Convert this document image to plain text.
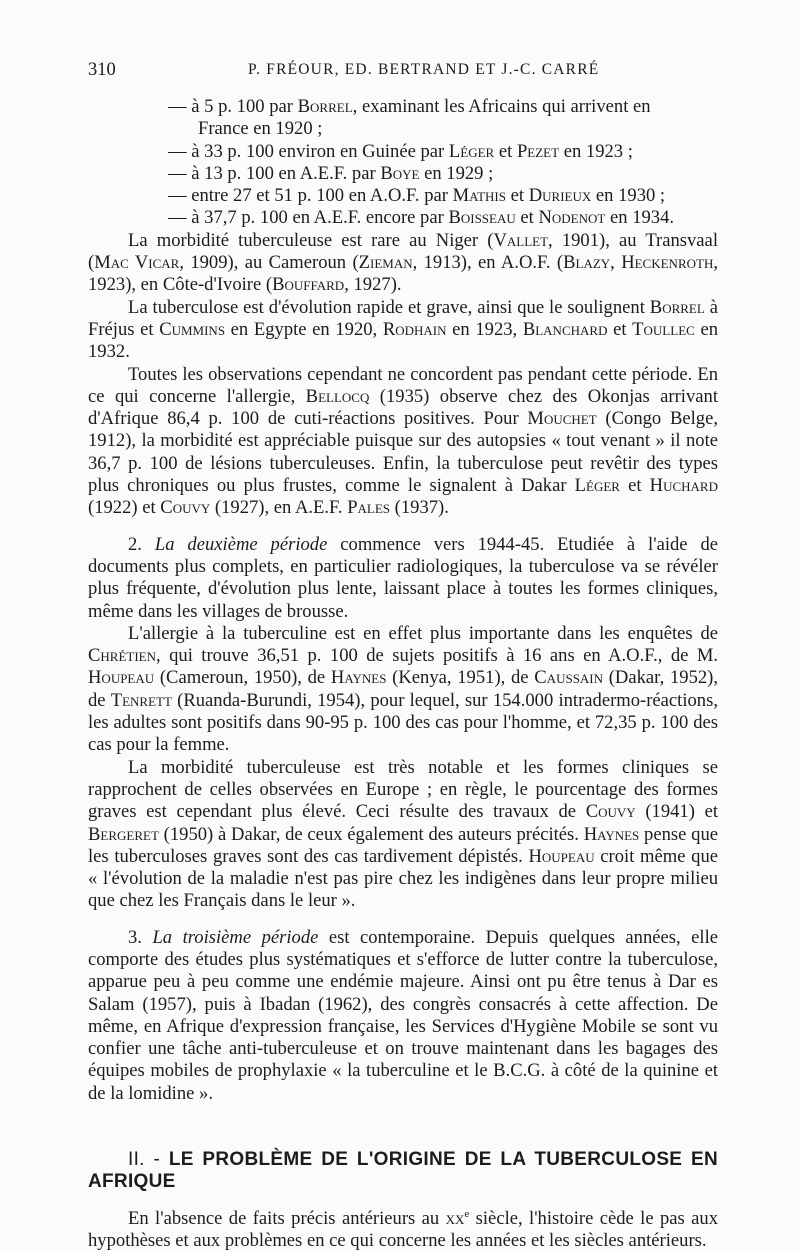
310	P. FRÉOUR, ED. BERTRAND ET J.-C. CARRÉ

— à 5 p. 100 par Borrel, examinant les Africains qui arrivent en
France en 1920 ;

— à 33 p. 100 environ en Guinée par Léger et Pezet en 1923 ;

— à 13 p. 100 en A.E.F. par Boye en 1929 ;

— entre 27 et 51 p. 100 en A.O.F. par Mathis et Durieux en 1930 ;

— à 37,7 p. 100 en A.E.F. encore par Boisseau et Nodenot en 1934.

La morbidité tuberculeuse est rare au Niger (Vallet, 1901), au Transvaal (Mac Vicar, 1909), au Cameroun (Zieman, 1913), en A.O.F. (Blazy, Heckenroth, 1923), en Côte-d'Ivoire (Bouffard, 1927).

La tuberculose est d'évolution rapide et grave, ainsi que le soulignent Borrel à Fréjus et Cummins en Egypte en 1920, Rodhain en 1923, Blanchard et Toullec en 1932.

Toutes les observations cependant ne concordent pas pendant cette période. En ce qui concerne l'allergie, Bellocq (1935) observe chez des Okonjas arrivant d'Afrique 86,4 p. 100 de cuti-réactions positives. Pour Mouchet (Congo Belge, 1912), la morbidité est appréciable puisque sur des autopsies « tout venant » il note 36,7 p. 100 de lésions tuberculeuses. Enfin, la tuberculose peut revêtir des types plus chroniques ou plus frustes, comme le signalent à Dakar Léger et Huchard (1922) et Couvy (1927), en A.E.F. Pales (1937).

2. La deuxième période commence vers 1944-45. Etudiée à l'aide de documents plus complets, en particulier radiologiques, la tuberculose va se révéler plus fréquente, d'évolution plus lente, laissant place à toutes les formes cliniques, même dans les villages de brousse.

L'allergie à la tuberculine est en effet plus importante dans les enquêtes de Chrétien, qui trouve 36,51 p. 100 de sujets positifs à 16 ans en A.O.F., de M. Houpeau (Cameroun, 1950), de Haynes (Kenya, 1951), de Caussain (Dakar, 1952), de Tenrett (Ruanda-Burundi, 1954), pour lequel, sur 154.000 intradermo-réactions, les adultes sont positifs dans 90-95 p. 100 des cas pour l'homme, et 72,35 p. 100 des cas pour la femme.

La morbidité tuberculeuse est très notable et les formes cliniques se rapprochent de celles observées en Europe ; en règle, le pourcentage des formes graves est cependant plus élevé. Ceci résulte des travaux de Couvy (1941) et Bergeret (1950) à Dakar, de ceux également des auteurs précités. Haynes pense que les tuberculoses graves sont des cas tardivement dépistés. Houpeau croit même que « l'évolution de la maladie n'est pas pire chez les indigènes dans leur propre milieu que chez les Français dans le leur ».

3. La troisième période est contemporaine. Depuis quelques années, elle comporte des études plus systématiques et s'efforce de lutter contre la tuberculose, apparue peu à peu comme une endémie majeure. Ainsi ont pu être tenus à Dar es Salam (1957), puis à Ibadan (1962), des congrès consacrés à cette affection. De même, en Afrique d'expression française, les Services d'Hygiène Mobile se sont vu confier une tâche anti-tuberculeuse et on trouve maintenant dans les bagages des équipes mobiles de prophylaxie « la tuberculine et le B.C.G. à côté de la quinine et de la lomidine ».

II. - LE PROBLÈME DE L'ORIGINE DE LA TUBERCULOSE EN AFRIQUE

En l'absence de faits précis antérieurs au $xx^e$ siècle, l'histoire cède le pas aux hypothèses et aux problèmes en ce qui concerne les années et les siècles antérieurs.
